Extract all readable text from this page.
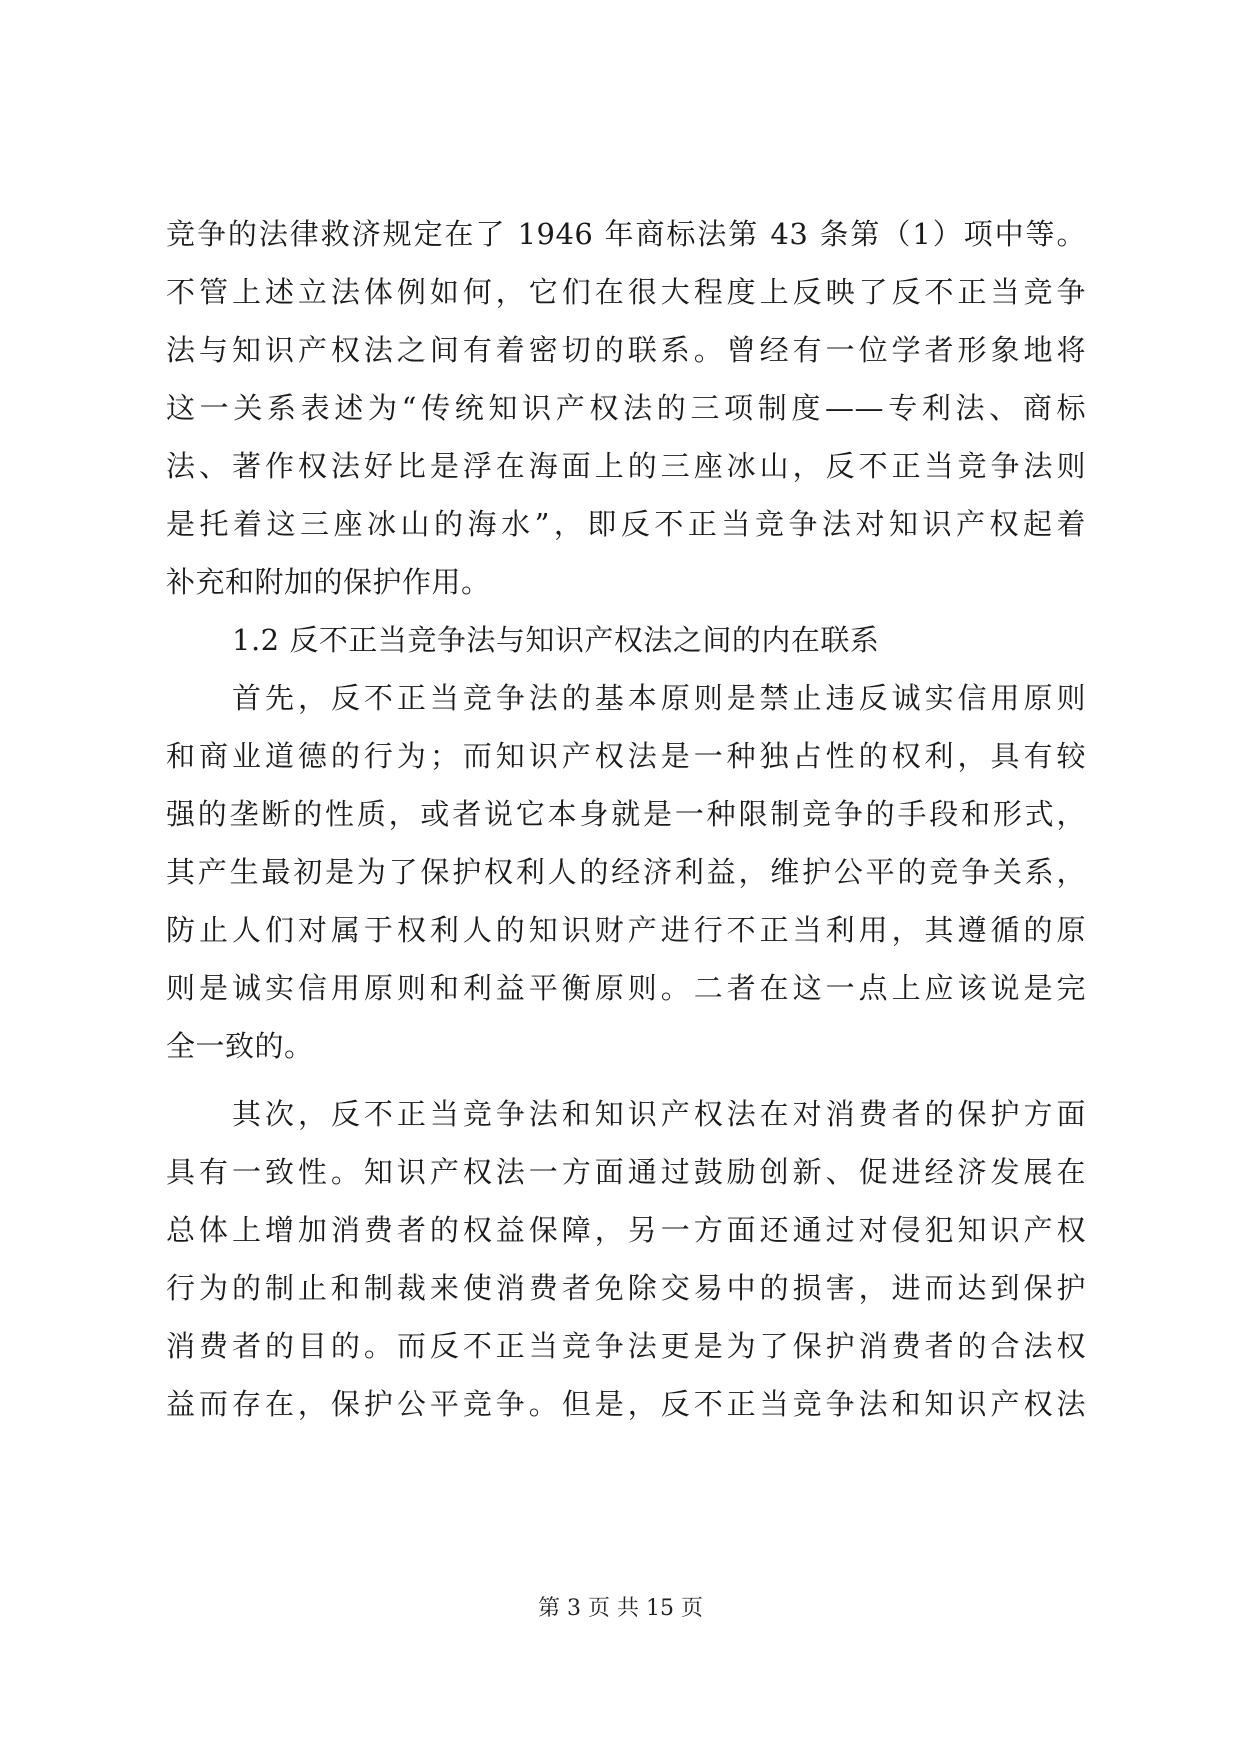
竞争的法律救济规定在了 1946 年商标法第 43 条第（1）项中等。
不管上述立法体例如何，它们在很大程度上反映了反不正当竞争
法与知识产权法之间有着密切的联系。曾经有一位学者形象地将
这一关系表述为“传统知识产权法的三项制度——专利法、商标
法、著作权法好比是浮在海面上的三座冰山，反不正当竞争法则
是托着这三座冰山的海水”，即反不正当竞争法对知识产权起着
补充和附加的保护作用。
1.2 反不正当竞争法与知识产权法之间的内在联系
首先，反不正当竞争法的基本原则是禁止违反诚实信用原则
和商业道德的行为；而知识产权法是一种独占性的权利，具有较
强的垄断的性质，或者说它本身就是一种限制竞争的手段和形式，
其产生最初是为了保护权利人的经济利益，维护公平的竞争关系，
防止人们对属于权利人的知识财产进行不正当利用，其遵循的原
则是诚实信用原则和利益平衡原则。二者在这一点上应该说是完
全一致的。
其次，反不正当竞争法和知识产权法在对消费者的保护方面
具有一致性。知识产权法一方面通过鼓励创新、促进经济发展在
总体上增加消费者的权益保障，另一方面还通过对侵犯知识产权
行为的制止和制裁来使消费者免除交易中的损害，进而达到保护
消费者的目的。而反不正当竞争法更是为了保护消费者的合法权
益而存在，保护公平竞争。但是，反不正当竞争法和知识产权法
第 3 页 共 15 页
